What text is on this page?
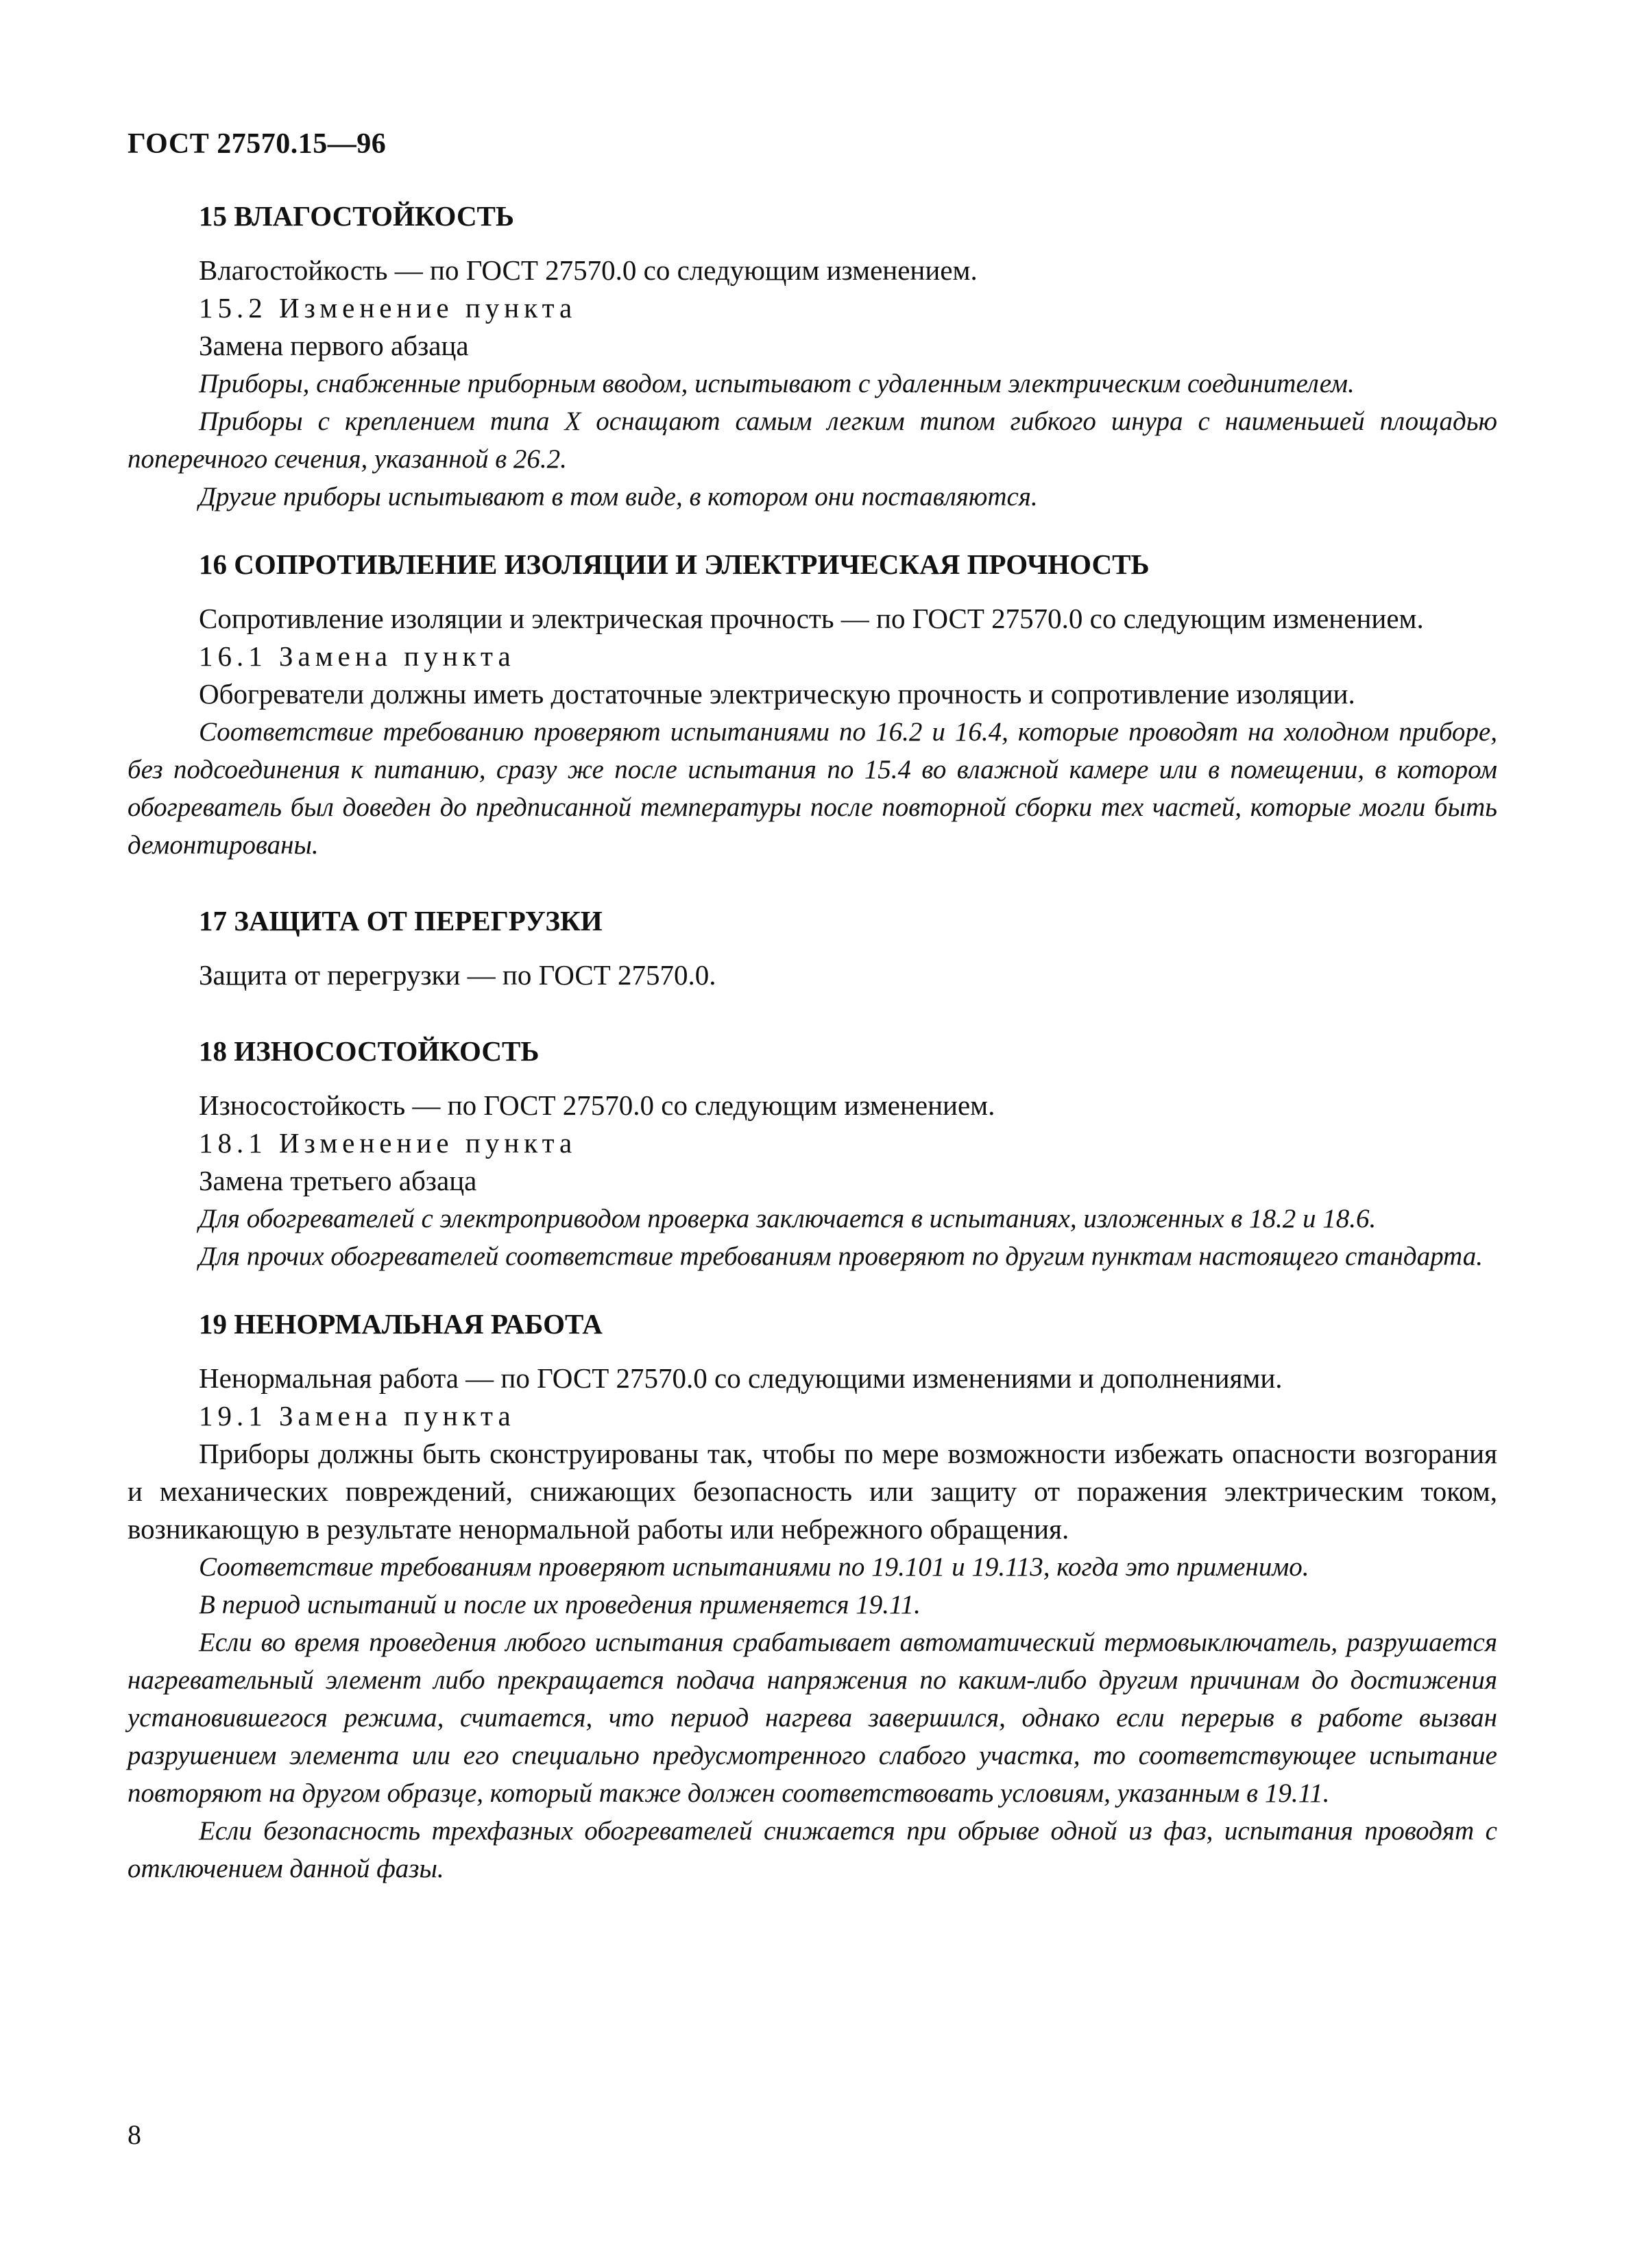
ГОСТ 27570.15—96
15 ВЛАГОСТОЙКОСТЬ

Влагостойкость — по ГОСТ 27570.0 со следующим изменением.

15.2 Изменение пункта

Замена первого абзаца

Приборы, снабженные приборным вводом, испытывают с удаленным электрическим соединителем.

Приборы с креплением типа X оснащают самым легким типом гибкого шнура с наименьшей площадью поперечного сечения, указанной в 26.2.

Другие приборы испытывают в том виде, в котором они поставляются.

16 СОПРОТИВЛЕНИЕ ИЗОЛЯЦИИ И ЭЛЕКТРИЧЕСКАЯ ПРОЧНОСТЬ

Сопротивление изоляции и электрическая прочность — по ГОСТ 27570.0 со следующим изменением.

16.1 Замена пункта

Обогреватели должны иметь достаточные электрическую прочность и сопротивление изоляции.

Соответствие требованию проверяют испытаниями по 16.2 и 16.4, которые проводят на холодном приборе, без подсоединения к питанию, сразу же после испытания по 15.4 во влажной камере или в помещении, в котором обогреватель был доведен до предписанной температуры после повторной сборки тех частей, которые могли быть демонтированы.

17 ЗАЩИТА ОТ ПЕРЕГРУЗКИ

Защита от перегрузки — по ГОСТ 27570.0.

18 ИЗНОСОСТОЙКОСТЬ

Износостойкость — по ГОСТ 27570.0 со следующим изменением.

18.1 Изменение пункта

Замена третьего абзаца

Для обогревателей с электроприводом проверка заключается в испытаниях, изложенных в 18.2 и 18.6.

Для прочих обогревателей соответствие требованиям проверяют по другим пунктам настоящего стандарта.

19 НЕНОРМАЛЬНАЯ РАБОТА

Ненормальная работа — по ГОСТ 27570.0 со следующими изменениями и дополнениями.

19.1 Замена пункта

Приборы должны быть сконструированы так, чтобы по мере возможности избежать опасности возгорания и механических повреждений, снижающих безопасность или защиту от поражения электрическим током, возникающую в результате ненормальной работы или небрежного обращения.

Соответствие требованиям проверяют испытаниями по 19.101 и 19.113, когда это применимо.

В период испытаний и после их проведения применяется 19.11.

Если во время проведения любого испытания срабатывает автоматический термовыключатель, разрушается нагревательный элемент либо прекращается подача напряжения по каким-либо другим причинам до достижения установившегося режима, считается, что период нагрева завершился, однако если перерыв в работе вызван разрушением элемента или его специально предусмотренного слабого участка, то соответствующее испытание повторяют на другом образце, который также должен соответствовать условиям, указанным в 19.11.

Если безопасность трехфазных обогревателей снижается при обрыве одной из фаз, испытания проводят с отключением данной фазы.

8
